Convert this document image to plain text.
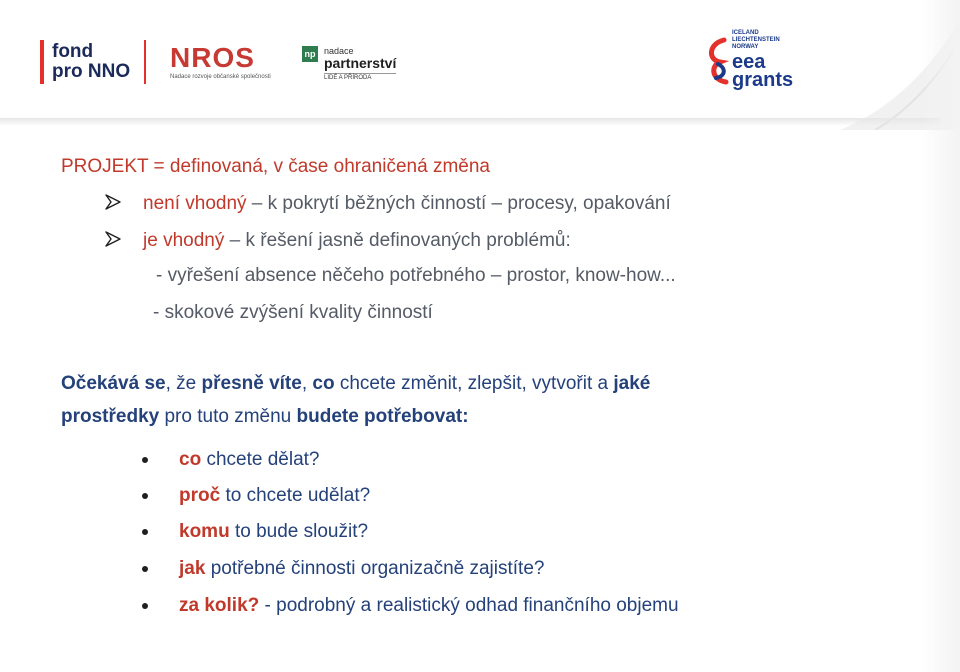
fond
pro NNO NROS
Nadace rozvoje občanské společnosti
np nadace
partnerství
LIDÉ A PŘÍRODA
ICELAND
LIECHTENSTEIN
NORWAY
eea
grants
PROJEKT = definovaná, v čase ohraničená změna
není vhodný – k pokrytí běžných činností – procesy, opakování
je vhodný – k řešení jasně definovaných problémů:
- vyřešení absence něčeho potřebného – prostor, know-how...
- skokové zvýšení kvality činností
Očekává se, že přesně víte, co chcete změnit, zlepšit, vytvořit a jaké
prostředky pro tuto změnu budete potřebovat:
co chcete dělat?
proč to chcete udělat?
komu to bude sloužit?
jak potřebné činnosti organizačně zajistíte?
za kolik? - podrobný a realistický odhad finančního objemu
